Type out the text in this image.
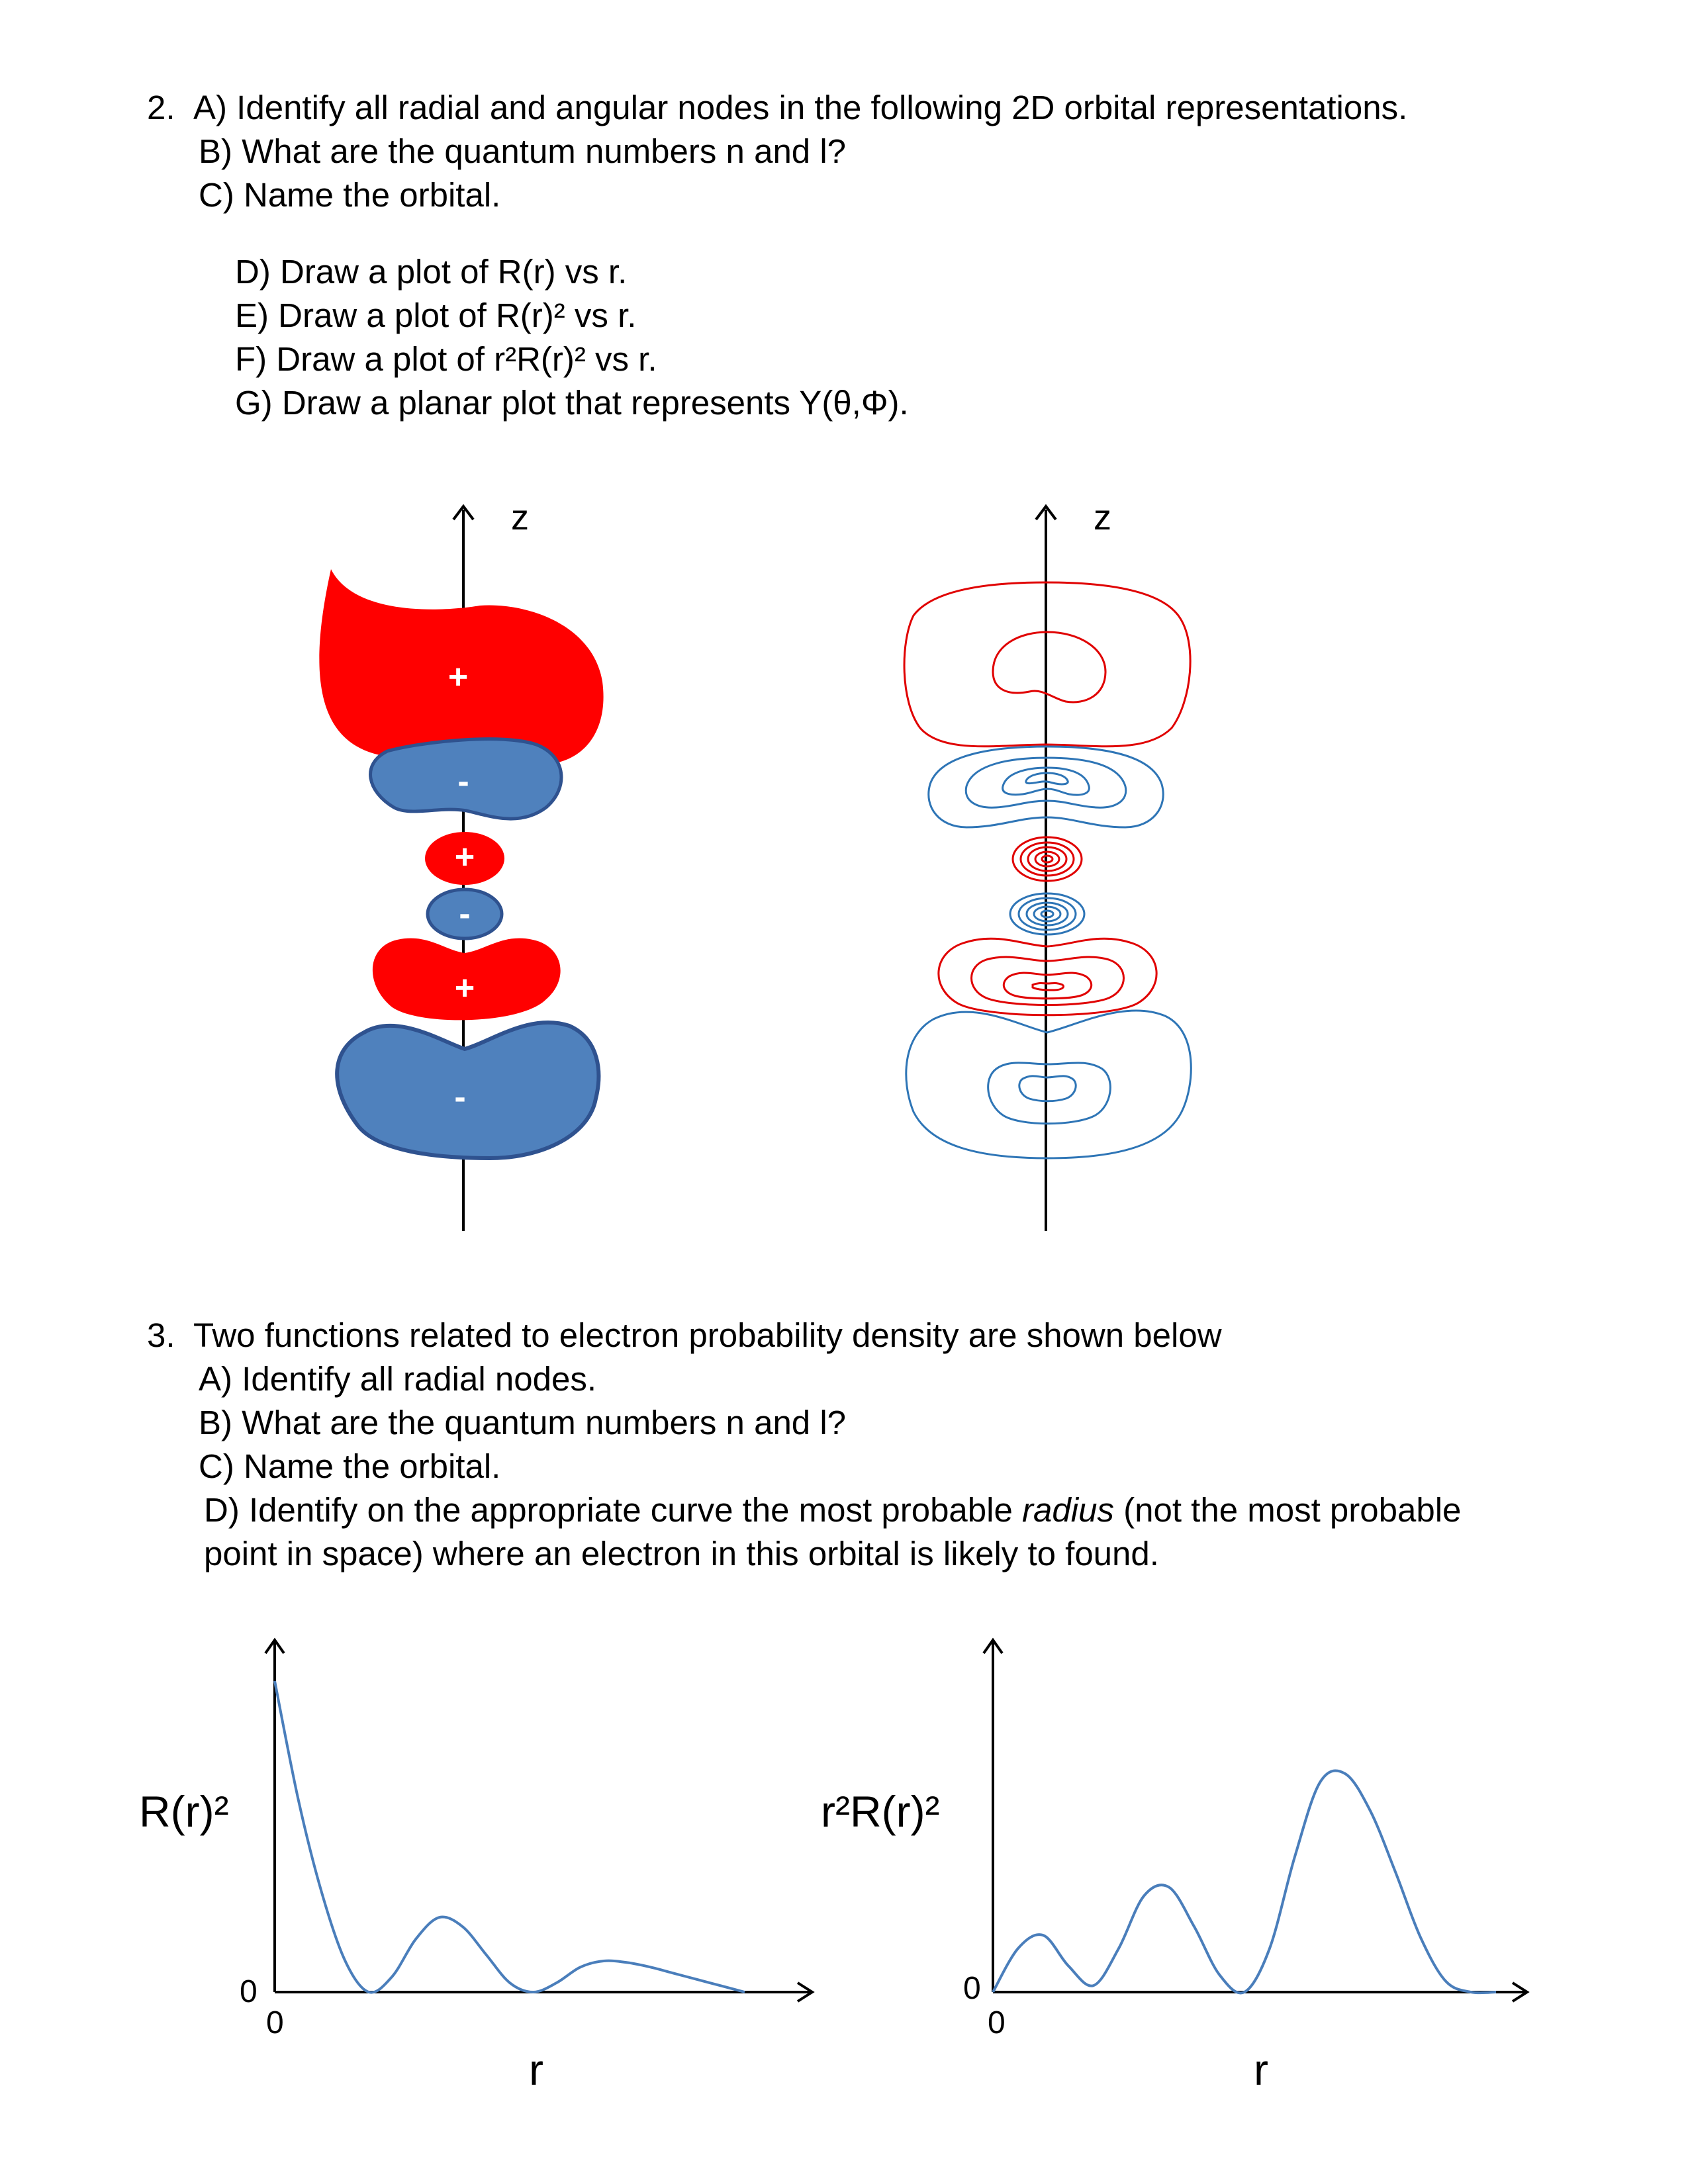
2. A) Identify all radial and angular nodes in the following 2D orbital representations.
B) What are the quantum numbers n and l?
C) Name the orbital.
D) Draw a plot of R(r) vs r.
E) Draw a plot of R(r)² vs r.
F) Draw a plot of r²R(r)² vs r.
G) Draw a planar plot that represents Y(θ,Φ).
z
+
-
+
-
+
-
z
3. Two functions related to electron probability density are shown below
A) Identify all radial nodes.
B) What are the quantum numbers n and l?
C) Name the orbital.
D) Identify on the appropriate curve the most probable radius (not the most probable
point in space) where an electron in this orbital is likely to found.
R(r)²
0
0
r
r²R(r)²
0
0
r
